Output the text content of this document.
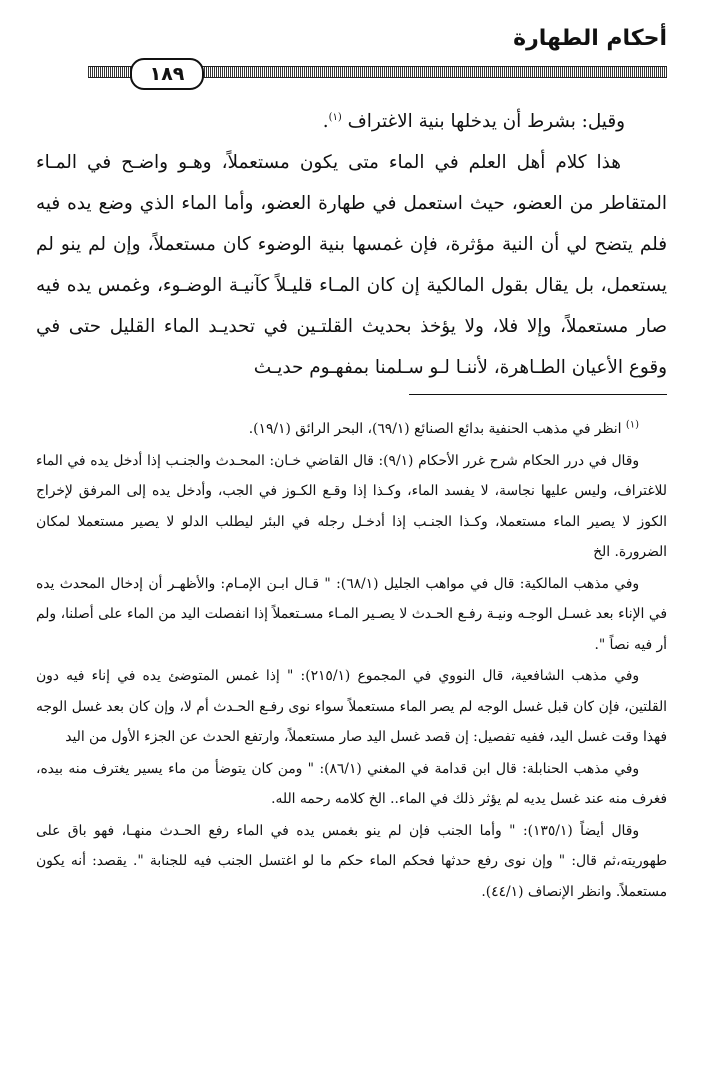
أحكام الطهارة
١٨٩

وقيل: بشرط أن يدخلها بنية الاغتراف $^{(١)}$.

هذا كلام أهل العلم في الماء متى يكون مستعملاً، وهـو واضـح في المـاء المتقاطر من العضو، حيث استعمل في طهارة العضو، وأما الماء الذي وضع يده فيه فلم يتضح لي أن النية مؤثرة، فإن غمسها بنية الوضوء كان مستعملاً، وإن لم ينو لم يستعمل، بل يقال بقول المالكية إن كان المـاء قليـلاً كآنيـة الوضـوء، وغمس يده فيه صار مستعملاً، وإلا فلا، ولا يؤخذ بحديث القلتـين في تحديـد الماء القليل حتى في وقوع الأعيان الطـاهرة، لأننـا لـو سـلمنا بمفهـوم حديـث

$^{(١)}$ انظر في مذهب الحنفية بدائع الصنائع (٦٩/١)، البحر الرائق (١٩/١).

وقال في درر الحكام شرح غرر الأحكام (٩/١): قال القاضي خـان: المحـدث والجنـب إذا أدخل يده في الماء للاغتراف، وليس عليها نجاسة، لا يفسد الماء، وكـذا إذا وقـع الكـوز في الجب، وأدخل يده إلى المرفق لإخراج الكوز لا يصير الماء مستعملا، وكـذا الجنـب إذا أدخـل رجله في البئر ليطلب الدلو لا يصير مستعملا لمكان الضرورة. الخ

وفي مذهب المالكية: قال في مواهب الجليل (٦٨/١): " قـال ابـن الإمـام: والأظهـر أن إدخال المحدث يده في الإناء بعد غسـل الوجـه ونيـة رفـع الحـدث لا يصـير المـاء مسـتعملاً إذا انفصلت اليد من الماء على أصلنا، ولم أر فيه نصاً ".

وفي مذهب الشافعية، قال النووي في المجموع (٢١٥/١): " إذا غمس المتوضئ يده في إناء فيه دون القلتين، فإن كان قبل غسل الوجه لم يصر الماء مستعملاً سواء نوى رفـع الحـدث أم لا، وإن كان بعد غسل الوجه فهذا وقت غسل اليد، ففيه تفصيل: إن قصد غسل اليد صار مستعملاً، وارتفع الحدث عن الجزء الأول من اليد

وفي مذهب الحنابلة: قال ابن قدامة في المغني (٨٦/١): " ومن كان يتوضأ من ماء يسير يغترف منه بيده، فغرف منه عند غسل يديه لم يؤثر ذلك في الماء.. الخ كلامه رحمه الله.

وقال أيضاً (١٣٥/١): " وأما الجنب فإن لم ينو بغمس يده في الماء رفع الحـدث منهـا، فهو باق على طهوريته،ثم قال: " وإن نوى رفع حدثها فحكم الماء حكم ما لو اغتسل الجنب فيه للجنابة ". يقصد: أنه يكون مستعملاً. وانظر الإنصاف (٤٤/١).
